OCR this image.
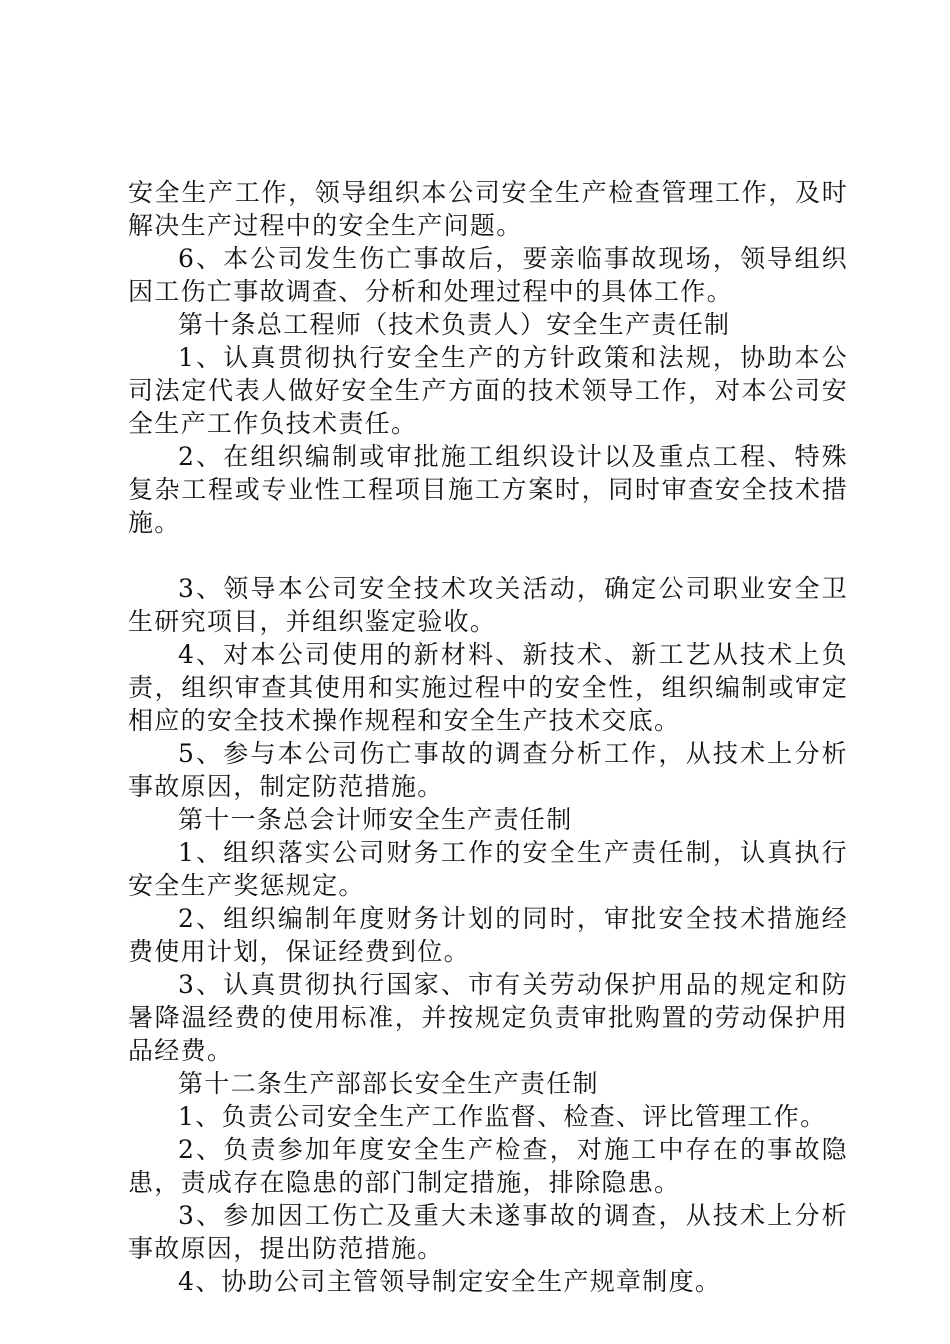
安全生产工作，领导组织本公司安全生产检查管理工作，及时解决生产过程中的安全生产问题。

6、本公司发生伤亡事故后，要亲临事故现场，领导组织因工伤亡事故调查、分析和处理过程中的具体工作。

第十条总工程师（技术负责人）安全生产责任制

1、认真贯彻执行安全生产的方针政策和法规，协助本公司法定代表人做好安全生产方面的技术领导工作，对本公司安全生产工作负技术责任。

2、在组织编制或审批施工组织设计以及重点工程、特殊复杂工程或专业性工程项目施工方案时，同时审查安全技术措施。

3、领导本公司安全技术攻关活动，确定公司职业安全卫生研究项目，并组织鉴定验收。

4、对本公司使用的新材料、新技术、新工艺从技术上负责，组织审查其使用和实施过程中的安全性，组织编制或审定相应的安全技术操作规程和安全生产技术交底。

5、参与本公司伤亡事故的调查分析工作，从技术上分析事故原因，制定防范措施。

第十一条总会计师安全生产责任制

1、组织落实公司财务工作的安全生产责任制，认真执行安全生产奖惩规定。

2、组织编制年度财务计划的同时，审批安全技术措施经费使用计划，保证经费到位。

3、认真贯彻执行国家、市有关劳动保护用品的规定和防暑降温经费的使用标准，并按规定负责审批购置的劳动保护用品经费。

第十二条生产部部长安全生产责任制

1、负责公司安全生产工作监督、检查、评比管理工作。

2、负责参加年度安全生产检查，对施工中存在的事故隐患，责成存在隐患的部门制定措施，排除隐患。

3、参加因工伤亡及重大未遂事故的调查，从技术上分析事故原因，提出防范措施。

4、协助公司主管领导制定安全生产规章制度。
